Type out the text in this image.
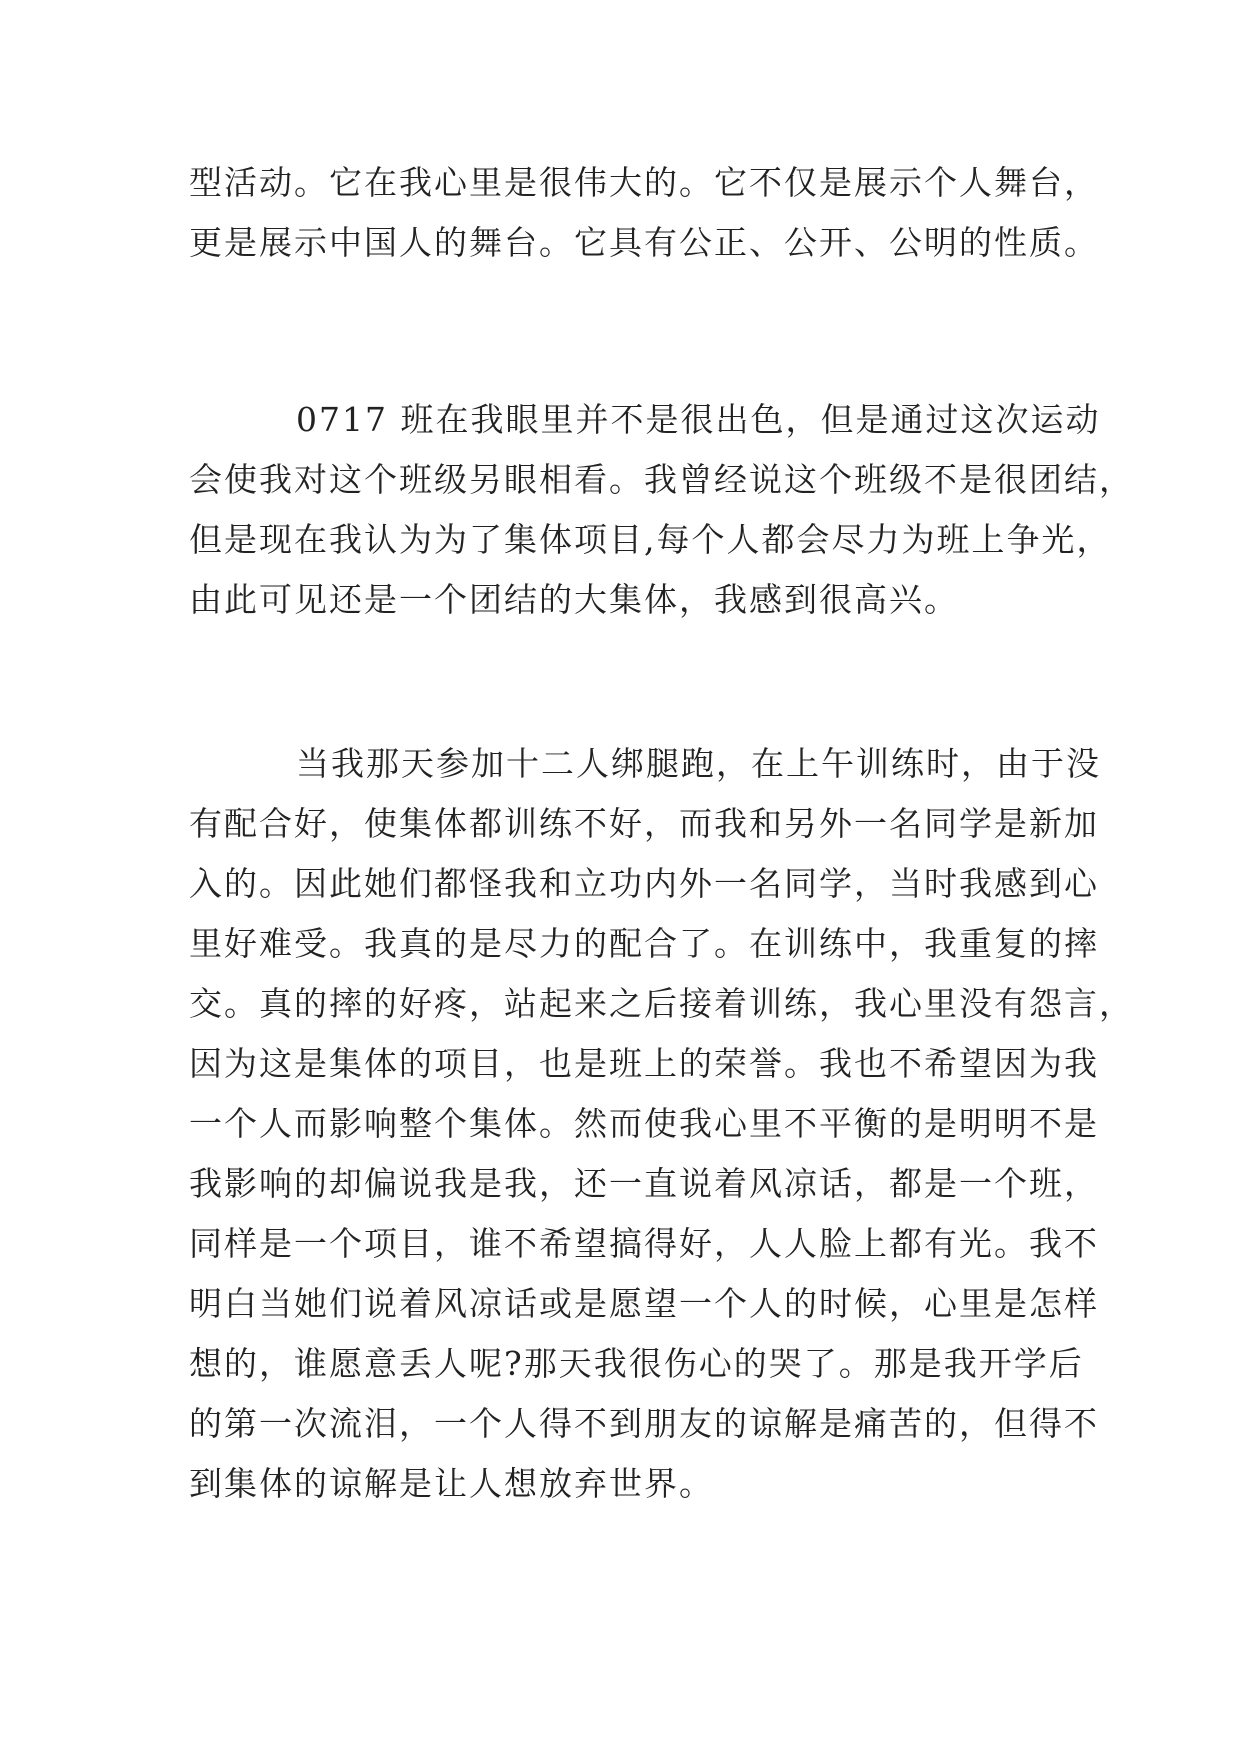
型活动。它在我心里是很伟大的。它不仅是展示个人舞台，
更是展示中国人的舞台。它具有公正、公开、公明的性质。
0717 班在我眼里并不是很出色，但是通过这次运动
会使我对这个班级另眼相看。我曾经说这个班级不是很团结，
但是现在我认为为了集体项目,每个人都会尽力为班上争光，
由此可见还是一个团结的大集体，我感到很高兴。
当我那天参加十二人绑腿跑，在上午训练时，由于没
有配合好，使集体都训练不好，而我和另外一名同学是新加
入的。因此她们都怪我和立功内外一名同学，当时我感到心
里好难受。我真的是尽力的配合了。在训练中，我重复的摔
交。真的摔的好疼，站起来之后接着训练，我心里没有怨言，
因为这是集体的项目，也是班上的荣誉。我也不希望因为我
一个人而影响整个集体。然而使我心里不平衡的是明明不是
我影响的却偏说我是我，还一直说着风凉话，都是一个班，
同样是一个项目，谁不希望搞得好，人人脸上都有光。我不
明白当她们说着风凉话或是愿望一个人的时候，心里是怎样
想的，谁愿意丢人呢?那天我很伤心的哭了。那是我开学后
的第一次流泪，一个人得不到朋友的谅解是痛苦的，但得不
到集体的谅解是让人想放弃世界。
